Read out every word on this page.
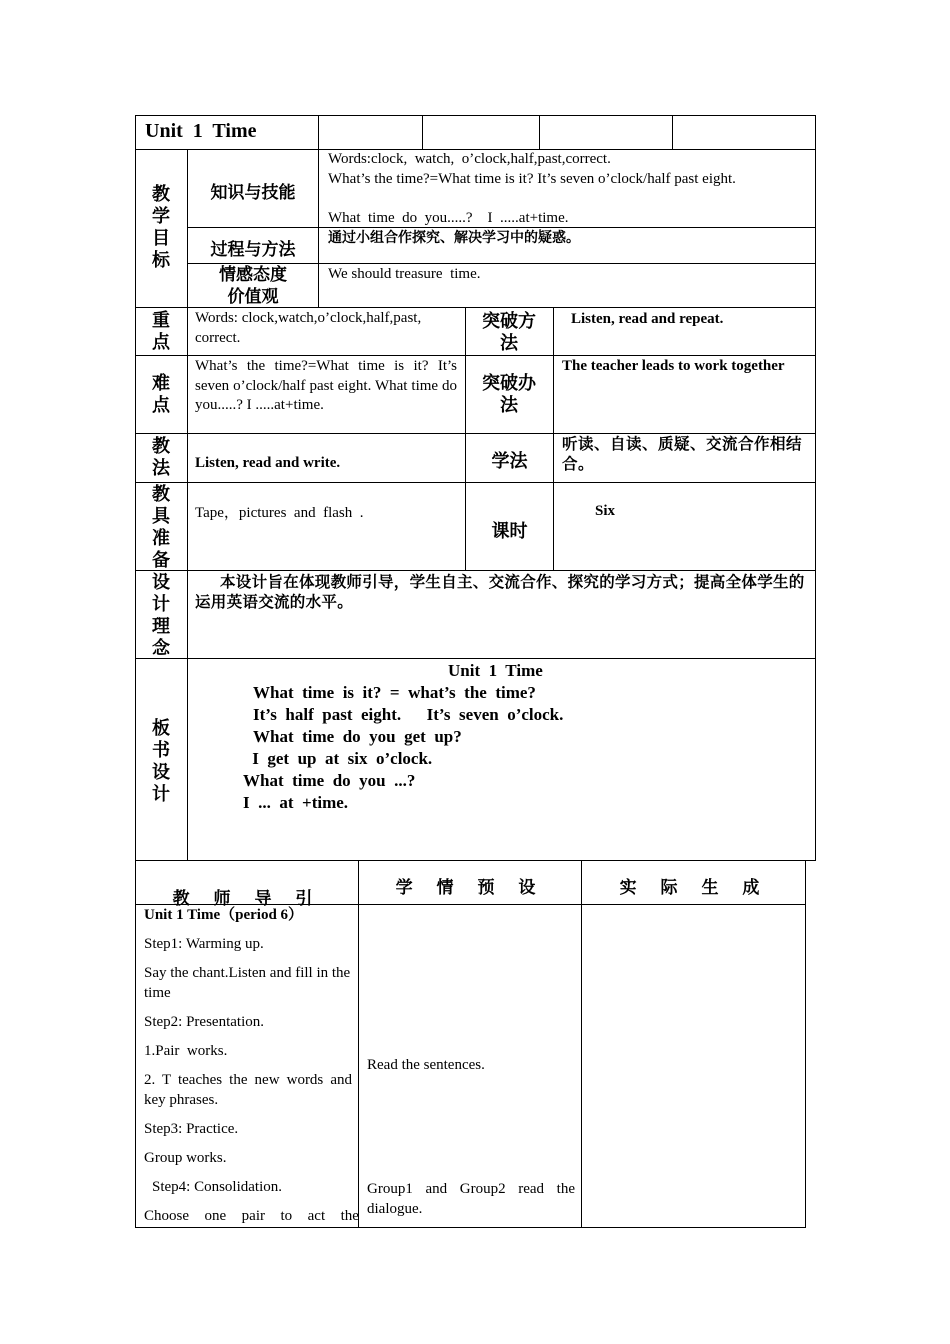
Unit  1  Time
教学目标
知识与技能
Words:clock,  watch,  o’clock,half,past,correct.
What’s the time?=What time is it? It’s seven o’clock/half past eight.
What  time  do  you.....?    I  .....at+time.
过程与方法
通过小组合作探究、解决学习中的疑惑。
情感态度
价值观
We should treasure  time.
重点
Words: clock,watch,o’clock,half,past, correct.
突破方法
Listen, read and repeat.
难点
What’s the time?=What time is it? It’s seven o’clock/half past eight. What time do you.....? I .....at+time.
突破办法
The teacher leads to work together
教法 Listen, read and write.	学法
听读、自读、质疑、交流合作相结合。
教具准备
Tape，pictures  and  flash  .
课时
Six
设计理念
本设计旨在体现教师引导，学生自主、交流合作、探究的学习方式；提高全体学生的运用英语交流的水平。
板书设计
Unit  1  Time
What  time  is  it?  =  what’s  the  time?
It’s  half  past  eight.      It’s  seven  o’clock.
What  time  do  you  get  up?
I  get  up  at  six  o’clock.
What  time  do  you  ...?
I  ...  at  +time.
教 师 导 引
学 情 预 设	实 际 生 成
Unit 1 Time（period 6）
Step1: Warming up.
Say the chant.Listen and fill in the time
Step2: Presentation.
1.Pair  works.
2. T teaches the new words and key phrases.
Step3: Practice.
Group works.
Step4: Consolidation.
Choose  one  pair  to  act  the
Read the sentences.
Group1 and Group2 read the dialogue.
